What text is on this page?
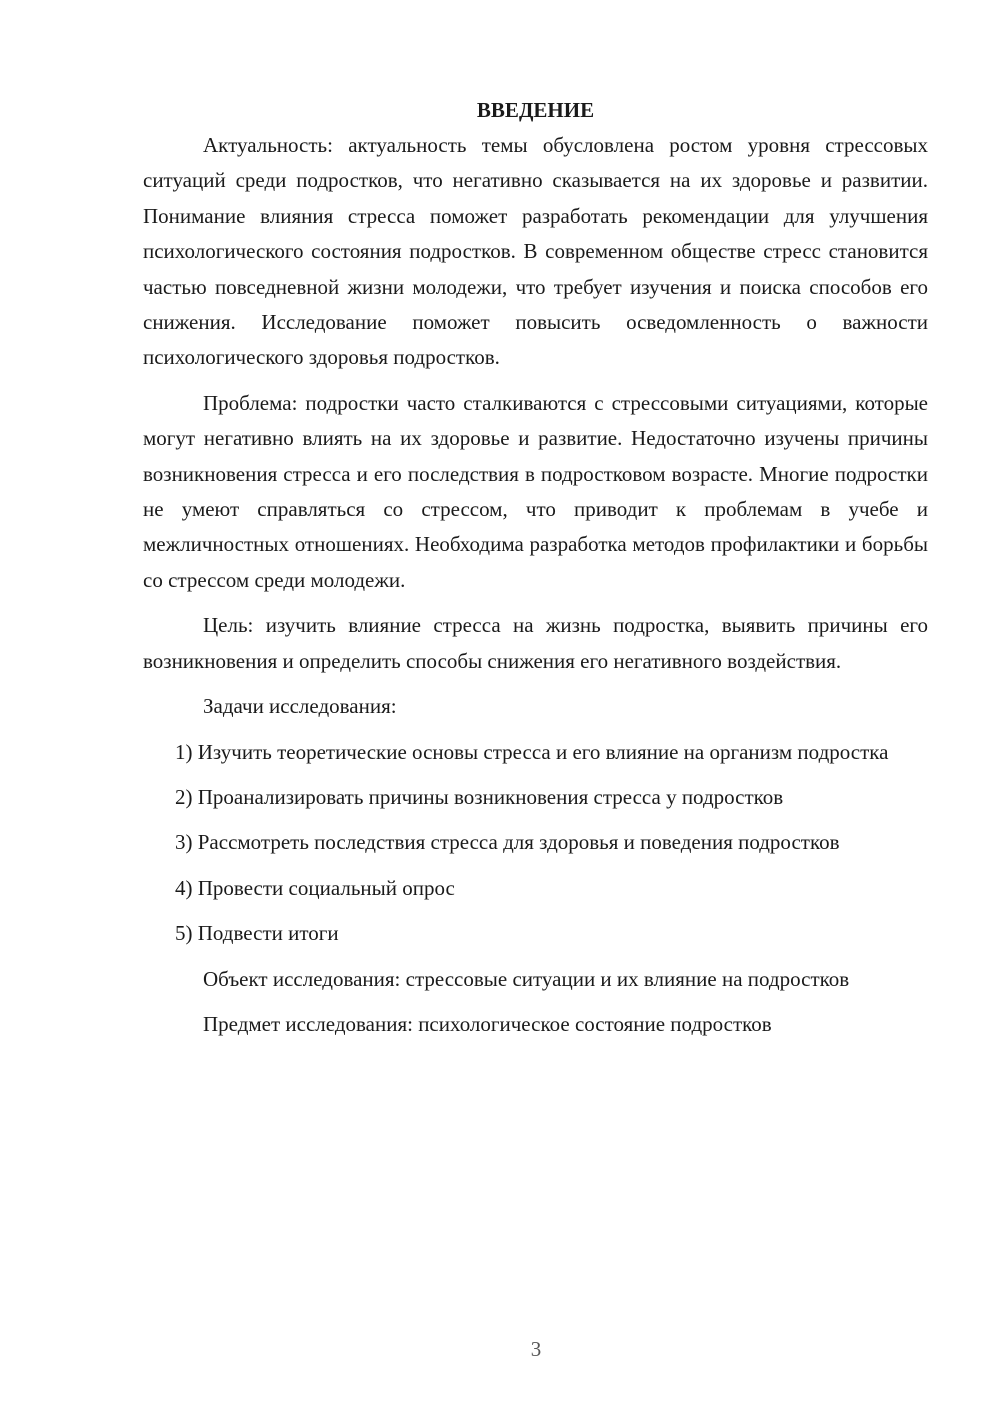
ВВЕДЕНИЕ

Актуальность: актуальность темы обусловлена ростом уровня стрессовых ситуаций среди подростков, что негативно сказывается на их здоровье и развитии. Понимание влияния стресса поможет разработать рекомендации для улучшения психологического состояния подростков. В современном обществе стресс становится частью повседневной жизни молодежи, что требует изучения и поиска способов его снижения. Исследование поможет повысить осведомленность о важности психологического здоровья подростков.

Проблема: подростки часто сталкиваются с стрессовыми ситуациями, которые могут негативно влиять на их здоровье и развитие. Недостаточно изучены причины возникновения стресса и его последствия в подростковом возрасте. Многие подростки не умеют справляться со стрессом, что приводит к проблемам в учебе и межличностных отношениях. Необходима разработка методов профилактики и борьбы со стрессом среди молодежи.

Цель: изучить влияние стресса на жизнь подростка, выявить причины его возникновения и определить способы снижения его негативного воздействия.

Задачи исследования:

1) Изучить теоретические основы стресса и его влияние на организм подростка

2) Проанализировать причины возникновения стресса у подростков

3) Рассмотреть последствия стресса для здоровья и поведения подростков

4) Провести социальный опрос

5) Подвести итоги

Объект исследования: стрессовые ситуации и их влияние на подростков

Предмет исследования: психологическое состояние подростков

3
